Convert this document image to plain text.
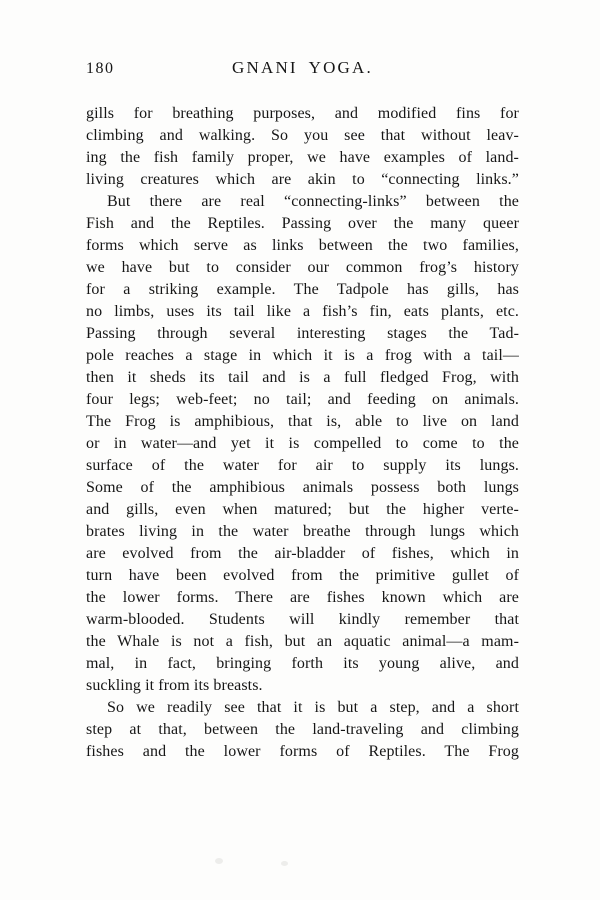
180	GNANI YOGA.
gills for breathing purposes, and modified fins for
climbing and walking. So you see that without leav-
ing the fish family proper, we have examples of land-
living creatures which are akin to “connecting links.”
But there are real “connecting-links” between the
Fish and the Reptiles. Passing over the many queer
forms which serve as links between the two families,
we have but to consider our common frog’s history
for a striking example. The Tadpole has gills, has
no limbs, uses its tail like a fish’s fin, eats plants, etc.
Passing through several interesting stages the Tad-
pole reaches a stage in which it is a frog with a tail—
then it sheds its tail and is a full fledged Frog, with
four legs; web-feet; no tail; and feeding on animals.
The Frog is amphibious, that is, able to live on land
or in water—and yet it is compelled to come to the
surface of the water for air to supply its lungs.
Some of the amphibious animals possess both lungs
and gills, even when matured; but the higher verte-
brates living in the water breathe through lungs which
are evolved from the air-bladder of fishes, which in
turn have been evolved from the primitive gullet of
the lower forms. There are fishes known which are
warm-blooded. Students will kindly remember that
the Whale is not a fish, but an aquatic animal—a mam-
mal, in fact, bringing forth its young alive, and
suckling it from its breasts.
So we readily see that it is but a step, and a short
step at that, between the land-traveling and climbing
fishes and the lower forms of Reptiles. The Frog
